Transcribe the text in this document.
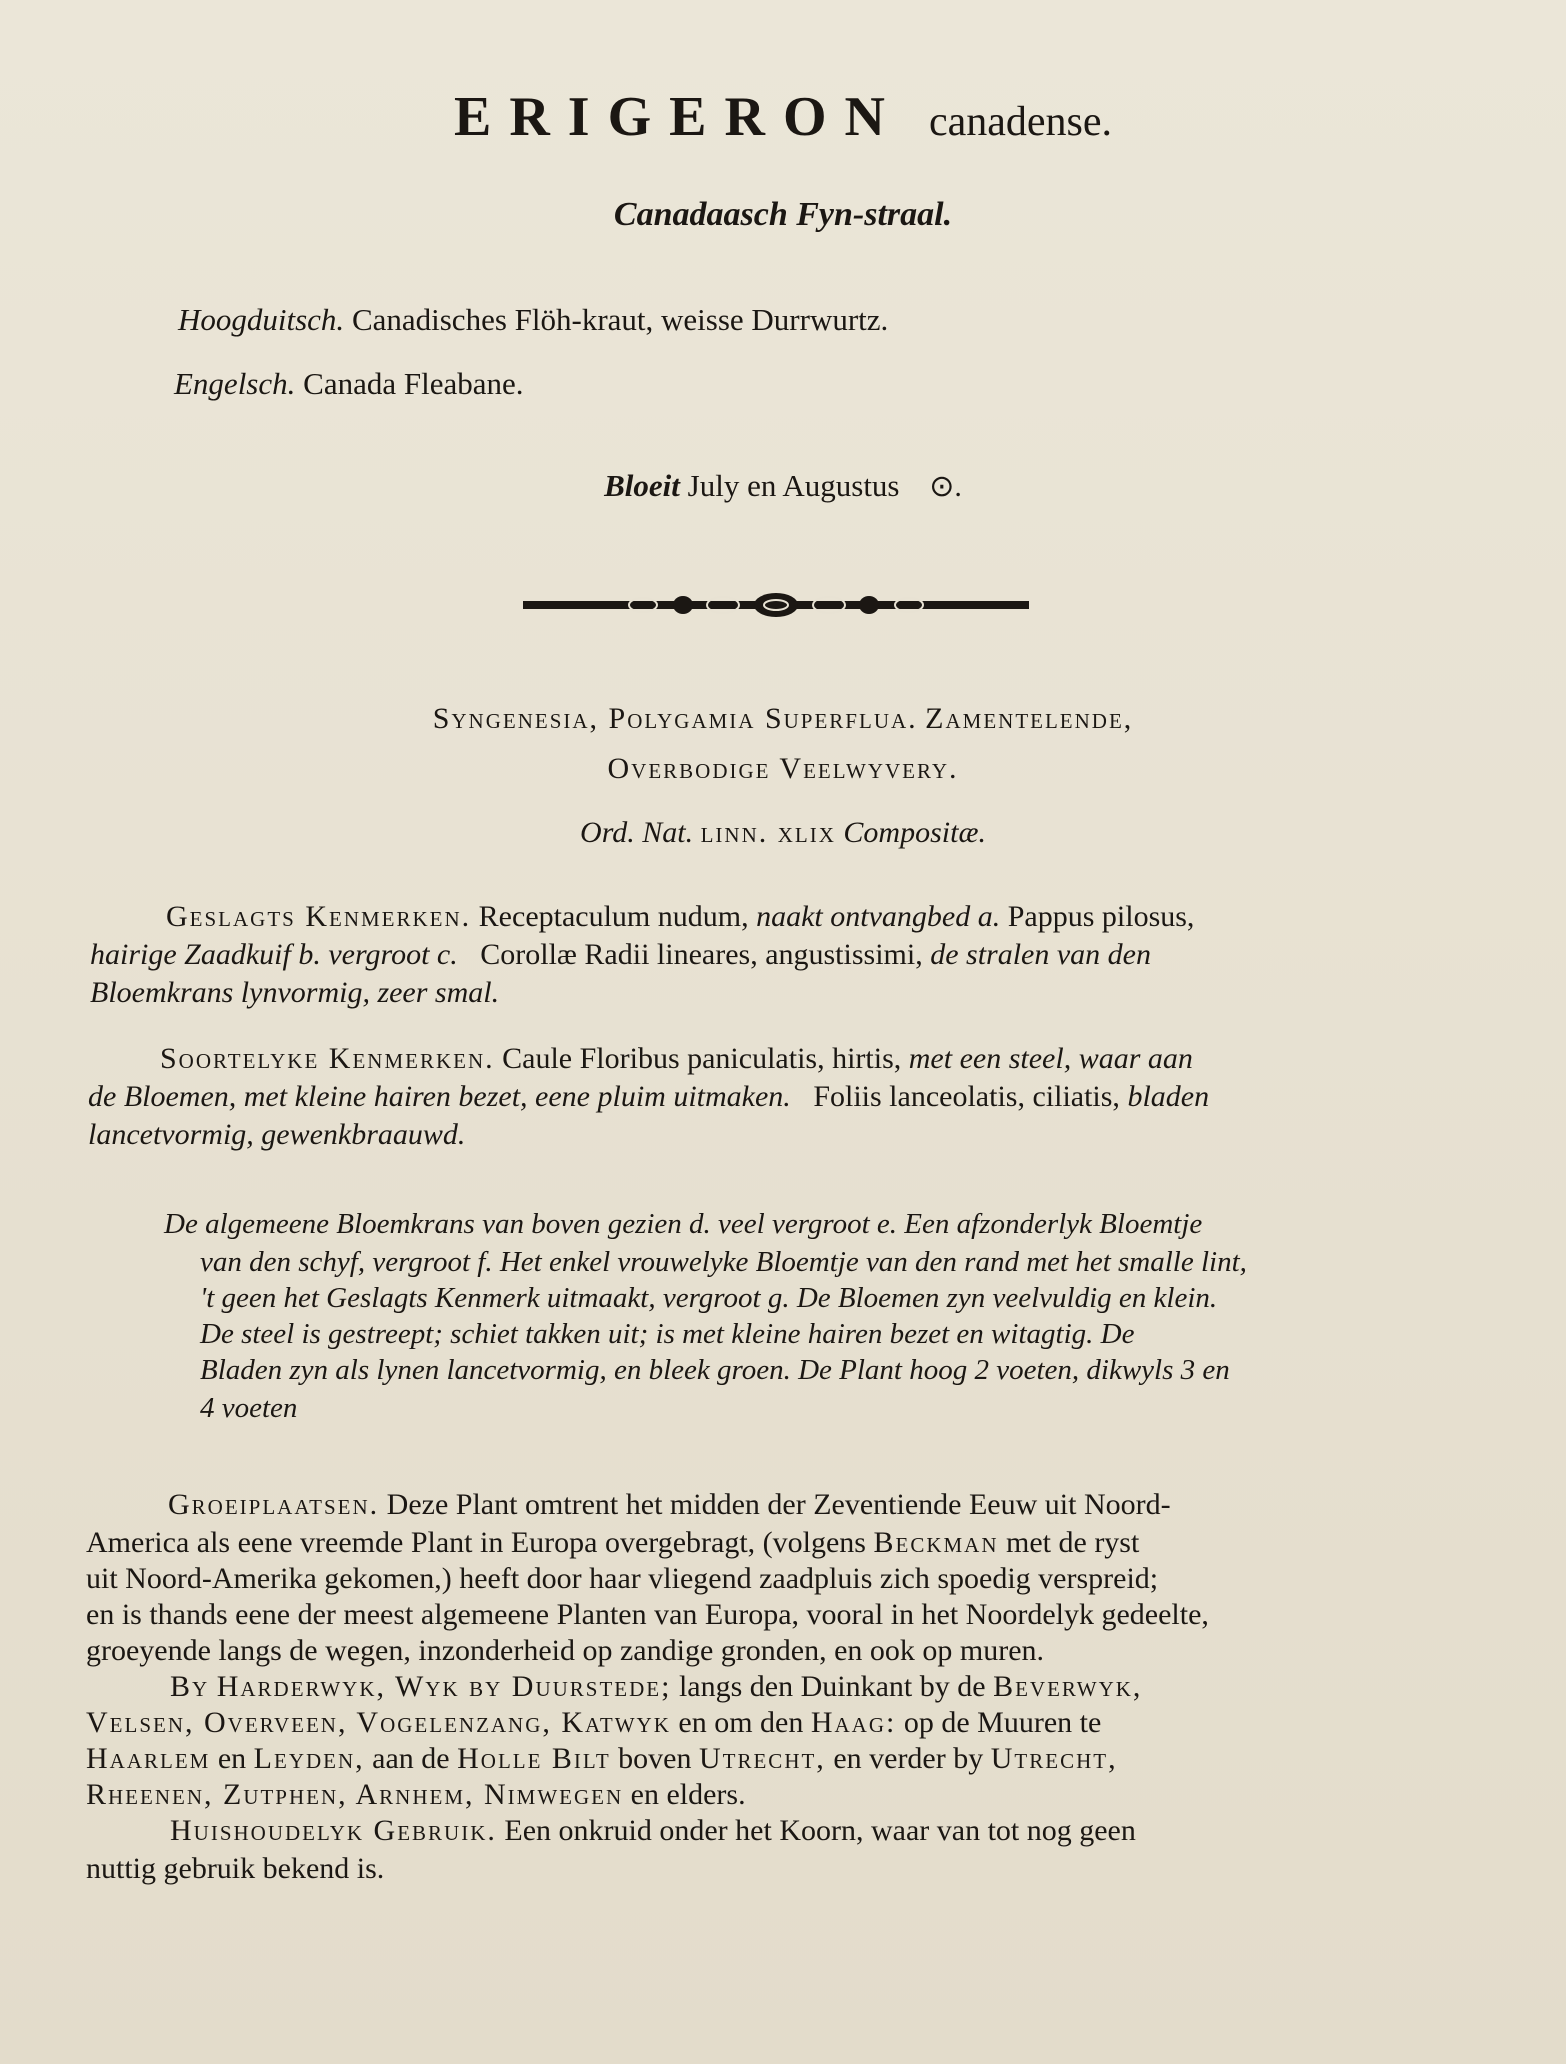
ERIGERON canadense.
Canadaasch Fyn-straal.
Hoogduitsch. Canadisches Flöh-kraut, weisse Durrwurtz.
Engelsch. Canada Fleabane.
Bloeit July en Augustus ⊙.
Syngenesia, Polygamia Superflua. Zamentelende,
Overbodige Veelwyvery.
Ord. Nat. linn. xlix Compositæ.
Geslagts Kenmerken. Receptaculum nudum, naakt ontvangbed a. Pappus pilosus,
hairige Zaadkuif b. vergroot c. Corollæ Radii lineares, angustissimi, de stralen van den
Bloemkrans lynvormig, zeer smal.
Soortelyke Kenmerken. Caule Floribus paniculatis, hirtis, met een steel, waar aan
de Bloemen, met kleine hairen bezet, eene pluim uitmaken. Foliis lanceolatis, ciliatis, bladen
lancetvormig, gewenkbraauwd.
De algemeene Bloemkrans van boven gezien d. veel vergroot e. Een afzonderlyk Bloemtje
van den schyf, vergroot f. Het enkel vrouwelyke Bloemtje van den rand met het smalle lint,
't geen het Geslagts Kenmerk uitmaakt, vergroot g. De Bloemen zyn veelvuldig en klein.
De steel is gestreept; schiet takken uit; is met kleine hairen bezet en witagtig. De
Bladen zyn als lynen lancetvormig, en bleek groen. De Plant hoog 2 voeten, dikwyls 3 en
4 voeten
Groeiplaatsen. Deze Plant omtrent het midden der Zeventiende Eeuw uit Noord-
America als eene vreemde Plant in Europa overgebragt, (volgens Beckman met de ryst
uit Noord-Amerika gekomen,) heeft door haar vliegend zaadpluis zich spoedig verspreid;
en is thands eene der meest algemeene Planten van Europa, vooral in het Noordelyk gedeelte,
groeyende langs de wegen, inzonderheid op zandige gronden, en ook op muren.
By Harderwyk, Wyk by Duurstede; langs den Duinkant by de Beverwyk,
Velsen, Overveen, Vogelenzang, Katwyk en om den Haag: op de Muuren te
Haarlem en Leyden, aan de Holle Bilt boven Utrecht, en verder by Utrecht,
Rheenen, Zutphen, Arnhem, Nimwegen en elders.
Huishoudelyk Gebruik. Een onkruid onder het Koorn, waar van tot nog geen
nuttig gebruik bekend is.
